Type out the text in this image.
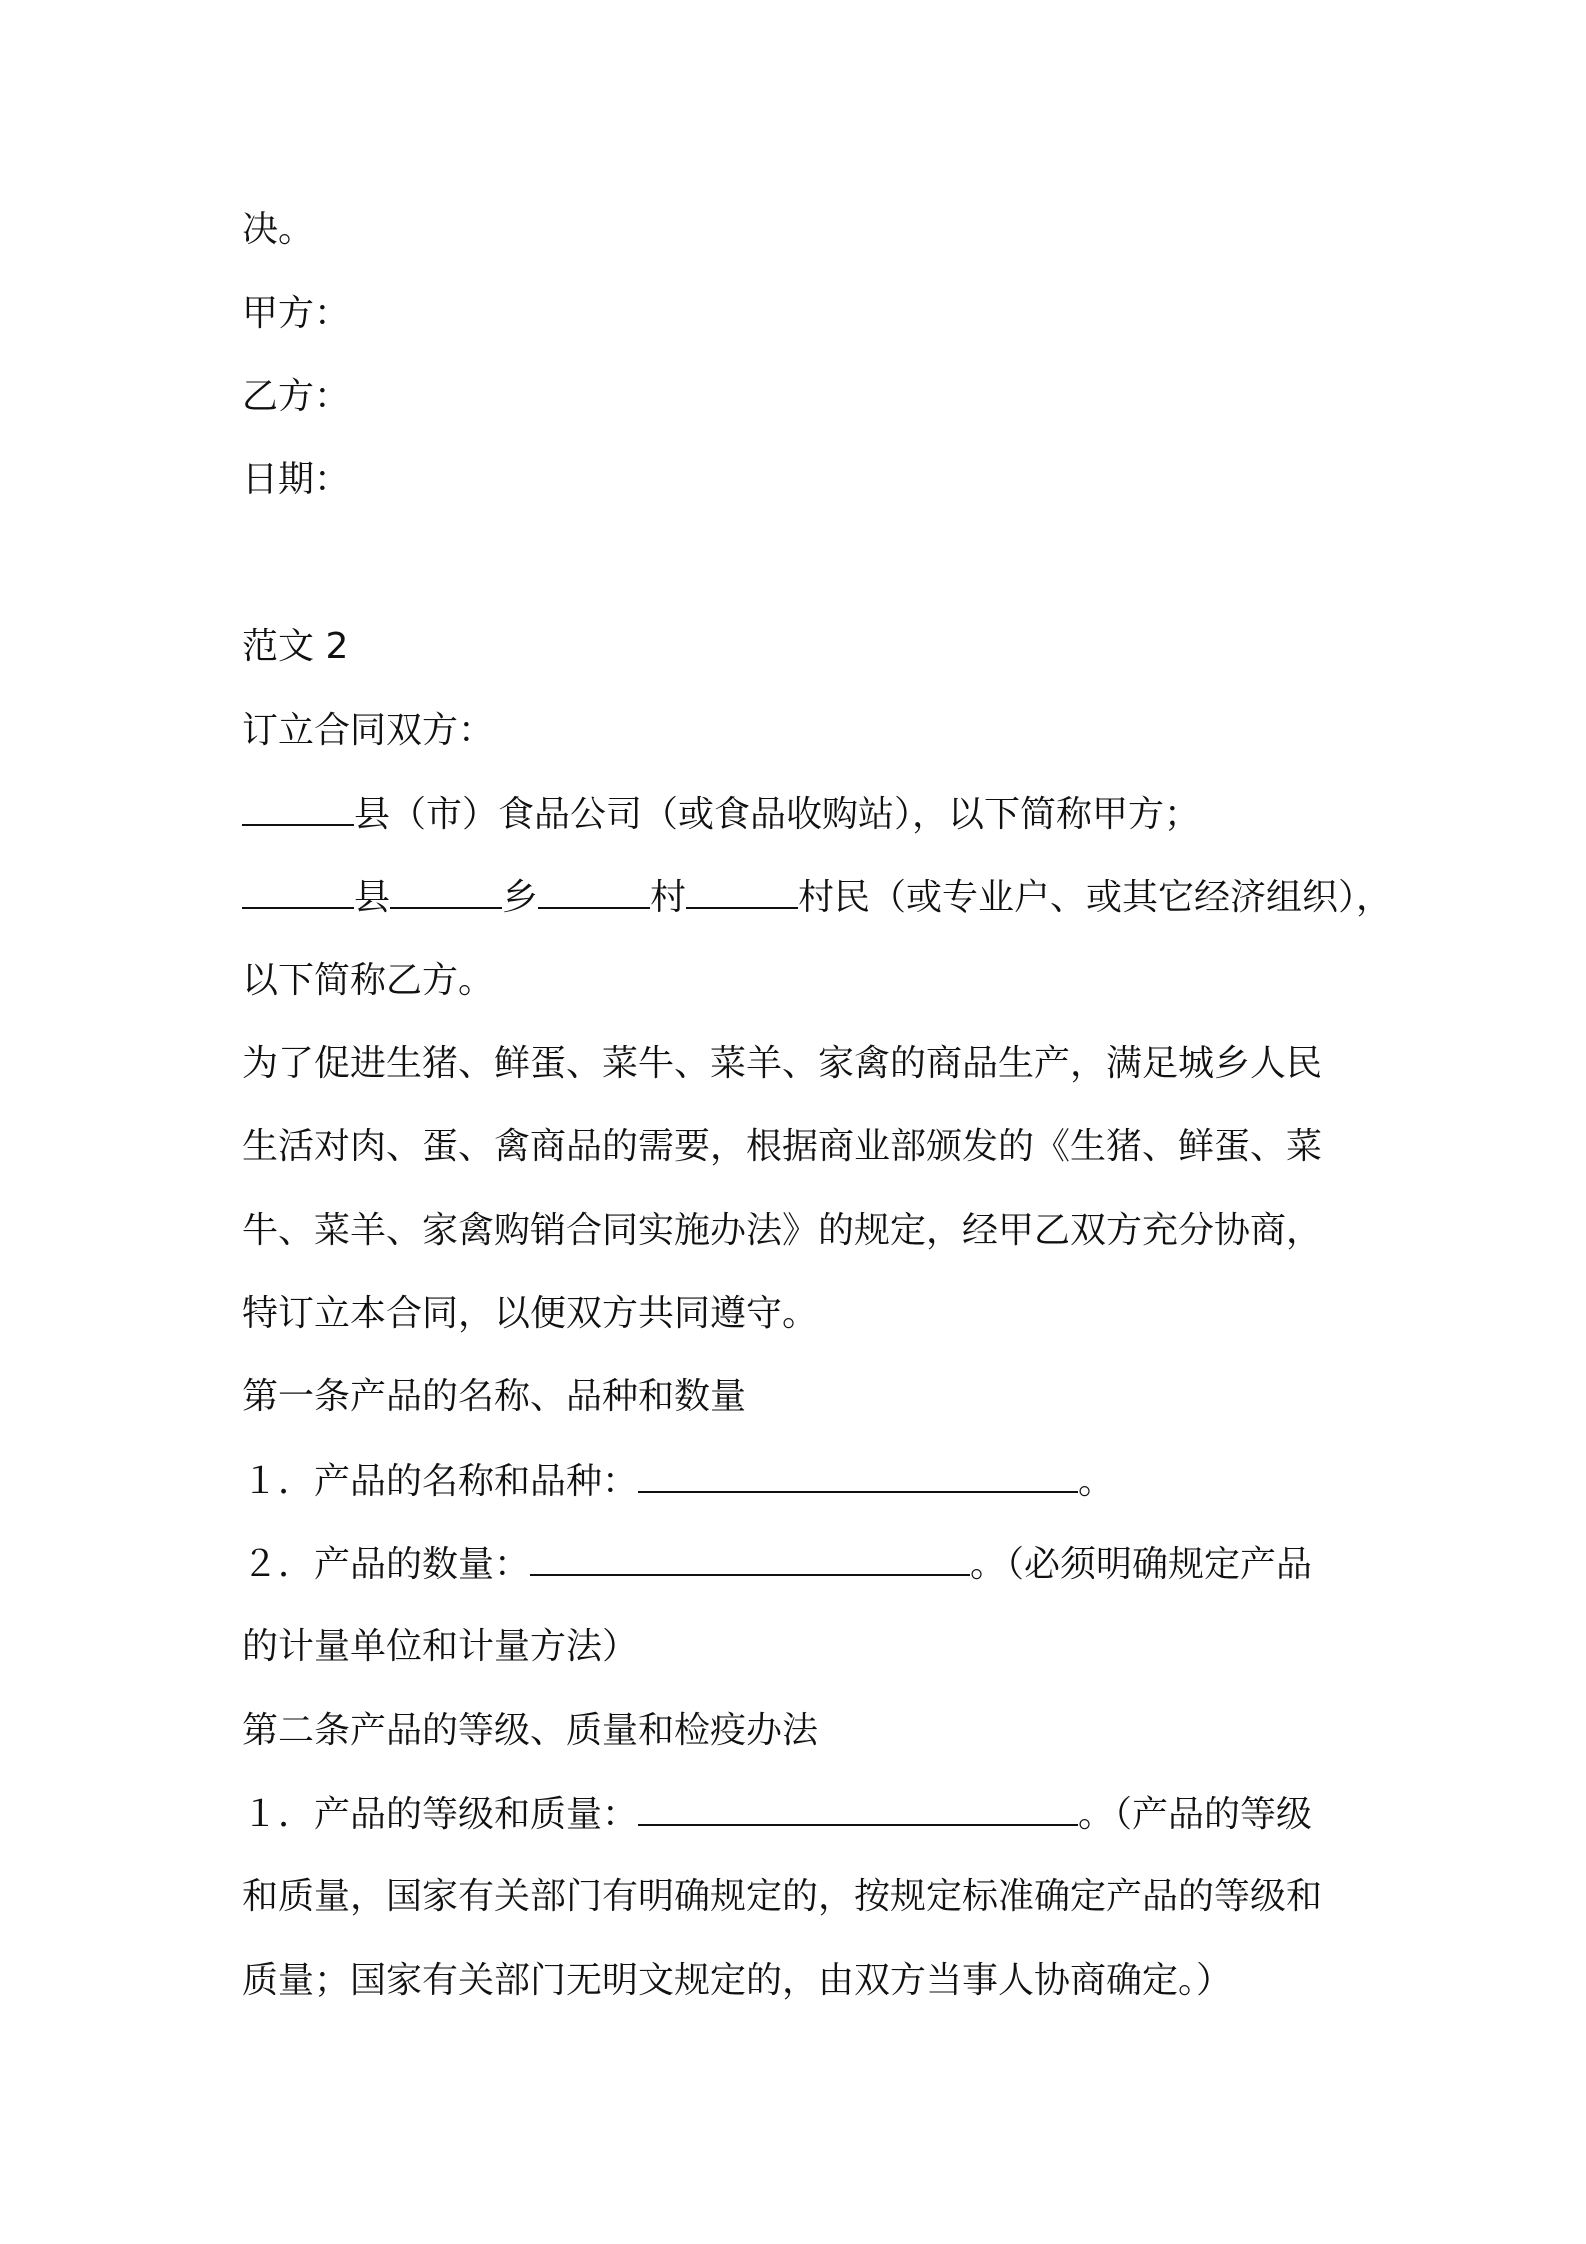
决。
甲方：
乙方：
日期：
范文 2
订立合同双方：
县（市）食品公司（或食品收购站），以下简称甲方；
县	乡	村	村民（或专业户、或其它经济组织），
以下简称乙方。
为了促进生猪、鲜蛋、菜牛、菜羊、家禽的商品生产，满足城乡人民
生活对肉、蛋、禽商品的需要，根据商业部颁发的《生猪、鲜蛋、菜
牛、菜羊、家禽购销合同实施办法》的规定，经甲乙双方充分协商，
特订立本合同，以便双方共同遵守。
第一条产品的名称、品种和数量
１．产品的名称和品种：	。
２．产品的数量：	。（必须明确规定产品
的计量单位和计量方法）
第二条产品的等级、质量和检疫办法
１．产品的等级和质量：	。（产品的等级
和质量，国家有关部门有明确规定的，按规定标准确定产品的等级和
质量；国家有关部门无明文规定的，由双方当事人协商确定。）
